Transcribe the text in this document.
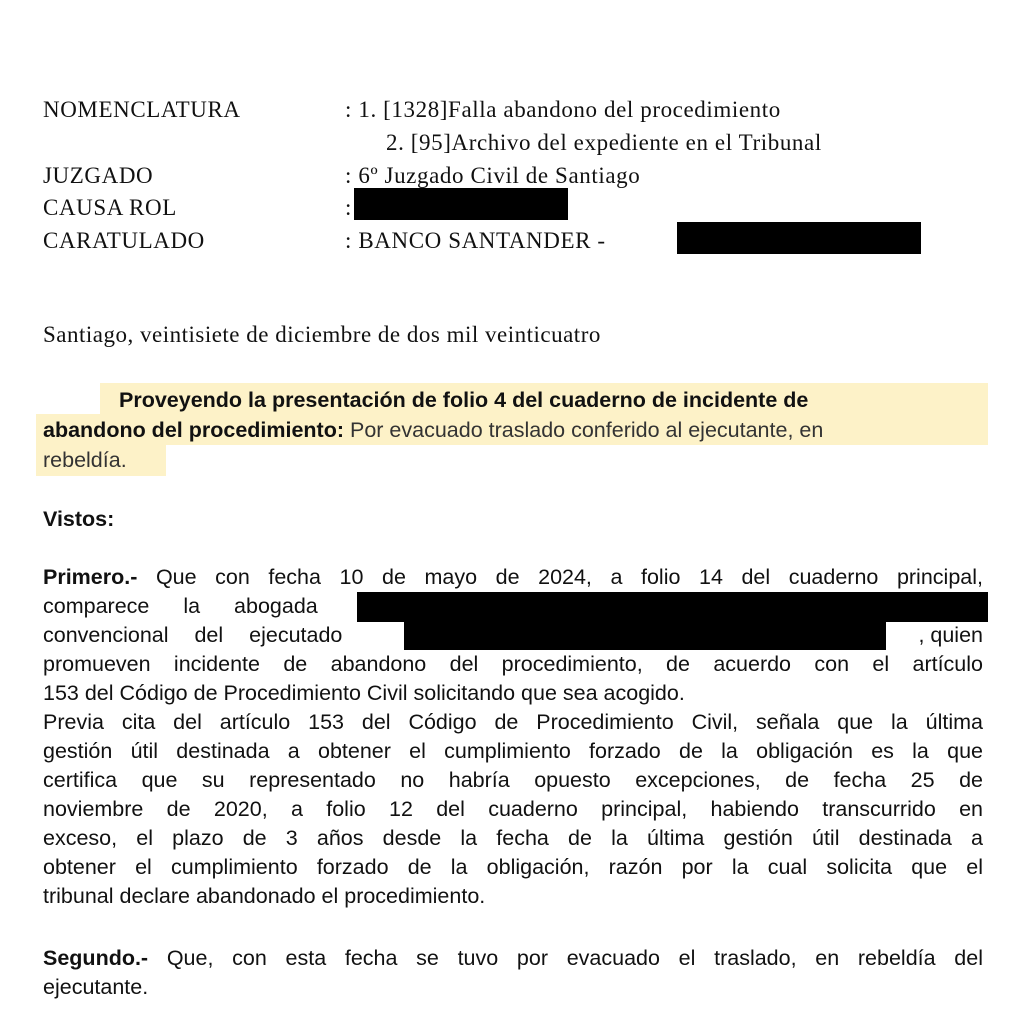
NOMENCLATURA	: 1. [1328]Falla abandono del procedimiento
2. [95]Archivo del expediente en el Tribunal
JUZGADO	: 6º Juzgado Civil de Santiago
CAUSA ROL	:
CARATULADO	: BANCO SANTANDER -
Santiago, veintisiete de diciembre de dos mil veinticuatro
Proveyendo la presentación de folio 4 del cuaderno de incidente de
abandono del procedimiento: Por evacuado traslado conferido al ejecutante, en
rebeldía.
Vistos:
Primero.- Que con fecha 10 de mayo de 2024, a folio 14 del cuaderno principal,
comparece la abogada
convencional del ejecutado	, quien
promueven incidente de abandono del procedimiento, de acuerdo con el artículo
153 del Código de Procedimiento Civil solicitando que sea acogido.
Previa cita del artículo 153 del Código de Procedimiento Civil, señala que la última
gestión útil destinada a obtener el cumplimiento forzado de la obligación es la que
certifica que su representado no habría opuesto excepciones, de fecha 25 de
noviembre de 2020, a folio 12 del cuaderno principal, habiendo transcurrido en
exceso, el plazo de 3 años desde la fecha de la última gestión útil destinada a
obtener el cumplimiento forzado de la obligación, razón por la cual solicita que el
tribunal declare abandonado el procedimiento.
Segundo.- Que, con esta fecha se tuvo por evacuado el traslado, en rebeldía del
ejecutante.
